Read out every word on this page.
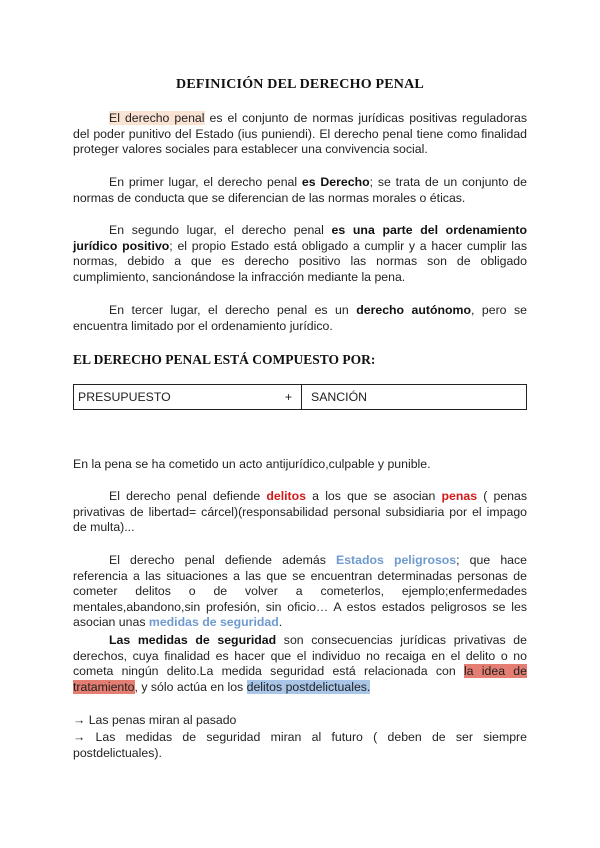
DEFINICIÓN DEL DERECHO PENAL

El derecho penal es el conjunto de normas jurídicas positivas reguladoras del poder punitivo del Estado (ius puniendi). El derecho penal tiene como finalidad proteger valores sociales para establecer una convivencia social.

En primer lugar, el derecho penal es Derecho; se trata de un conjunto de normas de conducta que se diferencian de las normas morales o éticas.

En segundo lugar, el derecho penal es una parte del ordenamiento jurídico positivo; el propio Estado está obligado a cumplir y a hacer cumplir las normas, debido a que es derecho positivo las normas son de obligado cumplimiento, sancionándose la infracción mediante la pena.

En tercer lugar, el derecho penal es un derecho autónomo, pero se encuentra limitado por el ordenamiento jurídico.

EL DERECHO PENAL ESTÁ COMPUESTO POR:
PRESUPUESTO	+ SANCIÓN

En la pena se ha cometido un acto antijurídico,culpable y punible.

El derecho penal defiende delitos a los que se asocian penas ( penas privativas de libertad= cárcel)(responsabilidad personal subsidiaria por el impago de multa)...

El derecho penal defiende además Estados peligrosos; que hace referencia a las situaciones a las que se encuentran determinadas personas de cometer delitos o de volver a cometerlos, ejemplo;enfermedades mentales,abandono,sin profesión, sin oficio… A estos estados peligrosos se les asocian unas medidas de seguridad.

Las medidas de seguridad son consecuencias jurídicas privativas de derechos, cuya finalidad es hacer que el individuo no recaiga en el delito o no cometa ningún delito.La medida seguridad está relacionada con la idea de tratamiento, y sólo actúa en los delitos postdelictuales.

→ Las penas miran al pasado

→ Las medidas de seguridad miran al futuro ( deben de ser siempre postdelictuales).
